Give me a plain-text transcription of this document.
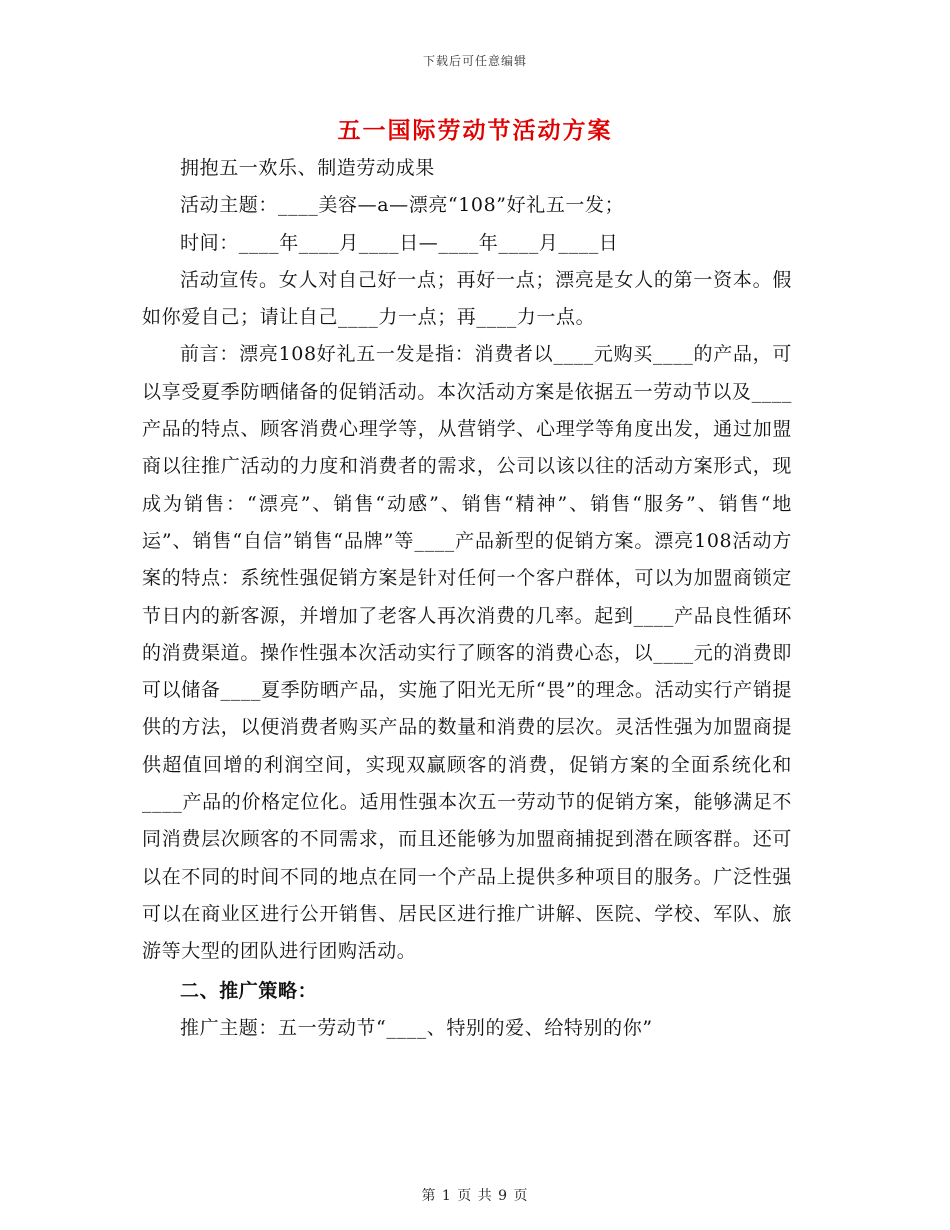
下载后可任意编辑
五一国际劳动节活动方案

拥抱五一欢乐、制造劳动成果

活动主题：____美容—a—漂亮“108”好礼五一发；

时间：____年____月____日—____年____月____日

活动宣传。女人对自己好一点；再好一点；漂亮是女人的第一资本。假如你爱自己；请让自己____力一点；再____力一点。

前言：漂亮108好礼五一发是指：消费者以____元购买____的产品，可以享受夏季防晒储备的促销活动。本次活动方案是依据五一劳动节以及____产品的特点、顾客消费心理学等，从营销学、心理学等角度出发，通过加盟商以往推广活动的力度和消费者的需求，公司以该以往的活动方案形式，现成为销售：“漂亮”、销售“动感”、销售“精神”、销售“服务”、销售“地运”、销售“自信”销售“品牌”等____产品新型的促销方案。漂亮108活动方案的特点：系统性强促销方案是针对任何一个客户群体，可以为加盟商锁定节日内的新客源，并增加了老客人再次消费的几率。起到____产品良性循环的消费渠道。操作性强本次活动实行了顾客的消费心态，以____元的消费即可以储备____夏季防晒产品，实施了阳光无所“畏”的理念。活动实行产销提供的方法，以便消费者购买产品的数量和消费的层次。灵活性强为加盟商提供超值回增的利润空间，实现双赢顾客的消费，促销方案的全面系统化和____产品的价格定位化。适用性强本次五一劳动节的促销方案，能够满足不同消费层次顾客的不同需求，而且还能够为加盟商捕捉到潜在顾客群。还可以在不同的时间不同的地点在同一个产品上提供多种项目的服务。广泛性强可以在商业区进行公开销售、居民区进行推广讲解、医院、学校、军队、旅游等大型的团队进行团购活动。

二、推广策略：

推广主题：五一劳动节“____、特别的爱、给特别的你”

第 1 页 共 9 页
